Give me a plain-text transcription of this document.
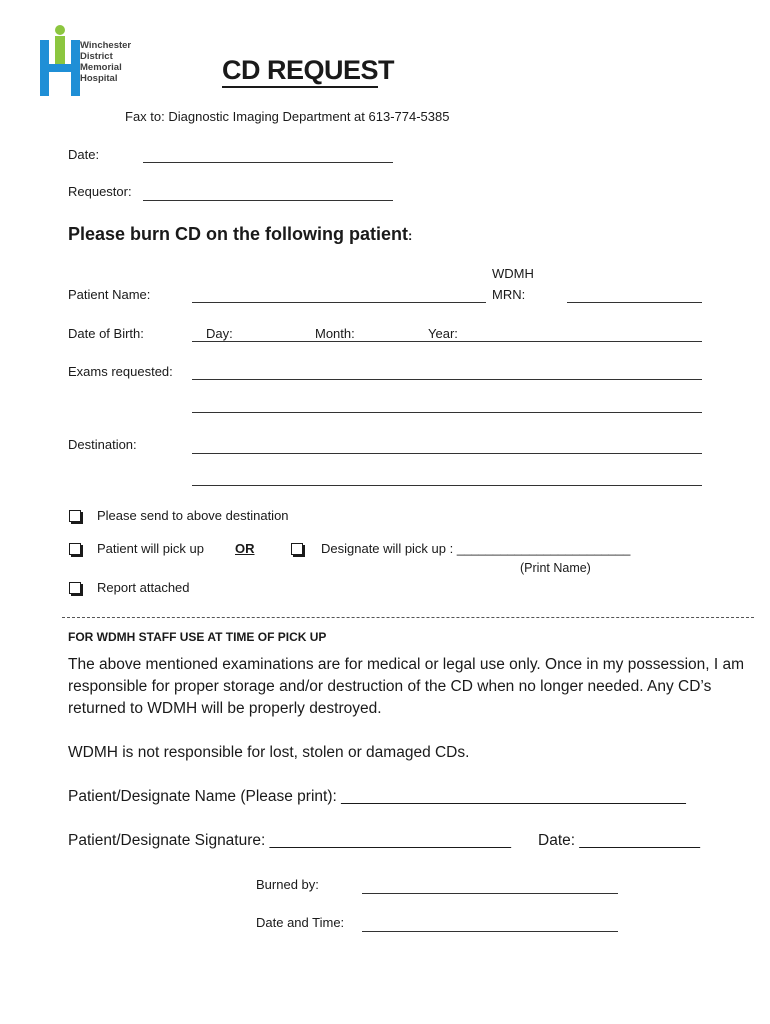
Winchester
District
Memorial
Hospital	CD REQUEST
Fax to: Diagnostic Imaging Department at 613-774-5385
Date:
Requestor:
Please burn CD on the following patient:
WDMH
Patient Name:	MRN:
Date of Birth:	Day:	Month:	Year:
Exams requested:
Destination:
Please send to above destination
Patient will pick up OR	Designate will pick up : ________________________
(Print Name)
Report attached
FOR WDMH STAFF USE AT TIME OF PICK UP
The above mentioned examinations are for medical or legal use only. Once in my possession, I am responsible for proper storage and/or destruction of the CD when no longer needed. Any CD’s returned to WDMH will be properly destroyed.
WDMH is not responsible for lost, stolen or damaged CDs.
Patient/Designate Name (Please print): ________________________________________
Patient/Designate Signature: ____________________________ Date: ______________
Burned by:
Date and Time:
